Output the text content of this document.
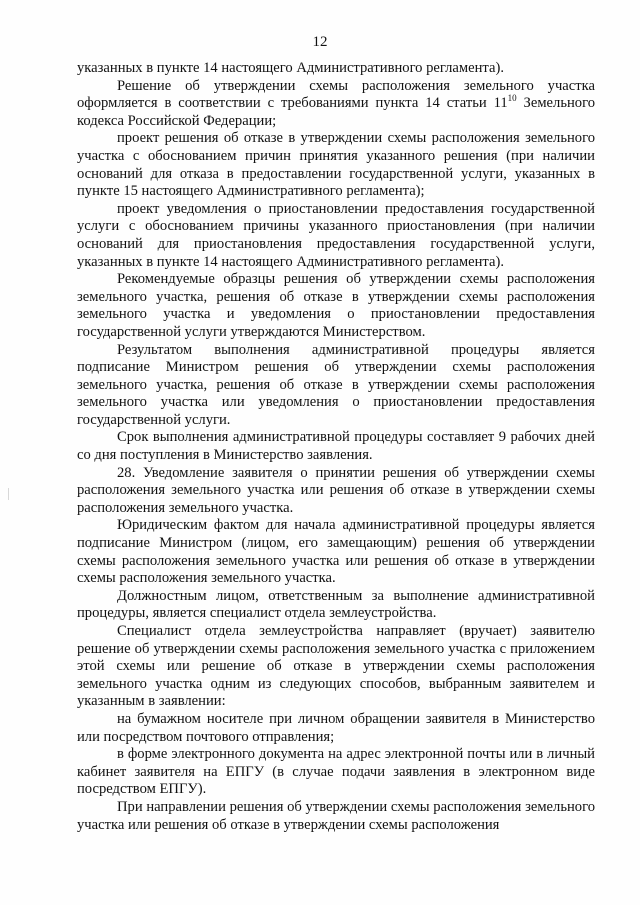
12

указанных в пункте 14 настоящего Административного регламента).

Решение об утверждении схемы расположения земельного участка оформляется в соответствии с требованиями пункта 14 статьи $11^{10}$ Земельного кодекса Российской Федерации;

проект решения об отказе в утверждении схемы расположения земельного участка с обоснованием причин принятия указанного решения (при наличии оснований для отказа в предоставлении государственной услуги, указанных в пункте 15 настоящего Административного регламента);

проект уведомления о приостановлении предоставления государственной услуги с обоснованием причины указанного приостановления (при наличии оснований для приостановления предоставления государственной услуги, указанных в пункте 14 настоящего Административного регламента).

Рекомендуемые образцы решения об утверждении схемы расположения земельного участка, решения об отказе в утверждении схемы расположения земельного участка и уведомления о приостановлении предоставления государственной услуги утверждаются Министерством.

Результатом выполнения административной процедуры является подписание Министром решения об утверждении схемы расположения земельного участка, решения об отказе в утверждении схемы расположения земельного участка или уведомления о приостановлении предоставления государственной услуги.

Срок выполнения административной процедуры составляет 9 рабочих дней со дня поступления в Министерство заявления.

28. Уведомление заявителя о принятии решения об утверждении схемы расположения земельного участка или решения об отказе в утверждении схемы расположения земельного участка.

Юридическим фактом для начала административной процедуры является подписание Министром (лицом, его замещающим) решения об утверждении схемы расположения земельного участка или решения об отказе в утверждении схемы расположения земельного участка.

Должностным лицом, ответственным за выполнение административной процедуры, является специалист отдела землеустройства.

Специалист отдела землеустройства направляет (вручает) заявителю решение об утверждении схемы расположения земельного участка с приложением этой схемы или решение об отказе в утверждении схемы расположения земельного участка одним из следующих способов, выбранным заявителем и указанным в заявлении:

на бумажном носителе при личном обращении заявителя в Министерство или посредством почтового отправления;

в форме электронного документа на адрес электронной почты или в личный кабинет заявителя на ЕПГУ (в случае подачи заявления в электронном виде посредством ЕПГУ).

При направлении решения об утверждении схемы расположения земельного участка или решения об отказе в утверждении схемы расположения
